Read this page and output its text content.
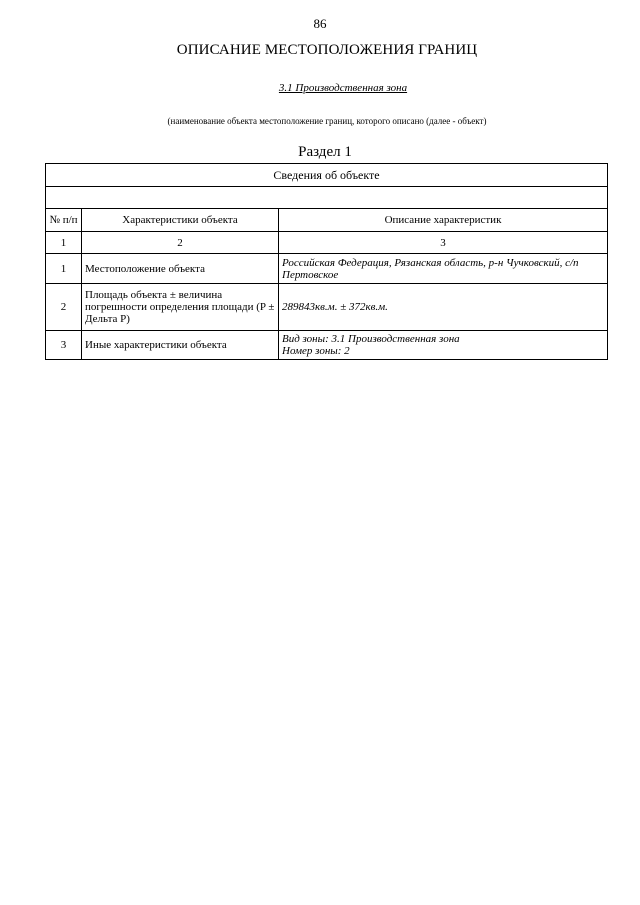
86
ОПИСАНИЕ МЕСТОПОЛОЖЕНИЯ ГРАНИЦ
3.1 Производственная зона
(наименование объекта местоположение границ, которого описано (далее - объект)
Раздел 1
Сведения об объекте		

№ п/п	Характеристики объекта	Описание характеристик
1	2	3
1	Местоположение объекта	Российская Федерация, Рязанская область, р-н Чучковский, с/п Пертовское
2	Площадь объекта ± величина погрешности определения площади (P ± Дельта P)	289843кв.м. ± 372кв.м.
3	Иные характеристики объекта	Вид зоны: 3.1 Производственная зона
Номер зоны: 2
